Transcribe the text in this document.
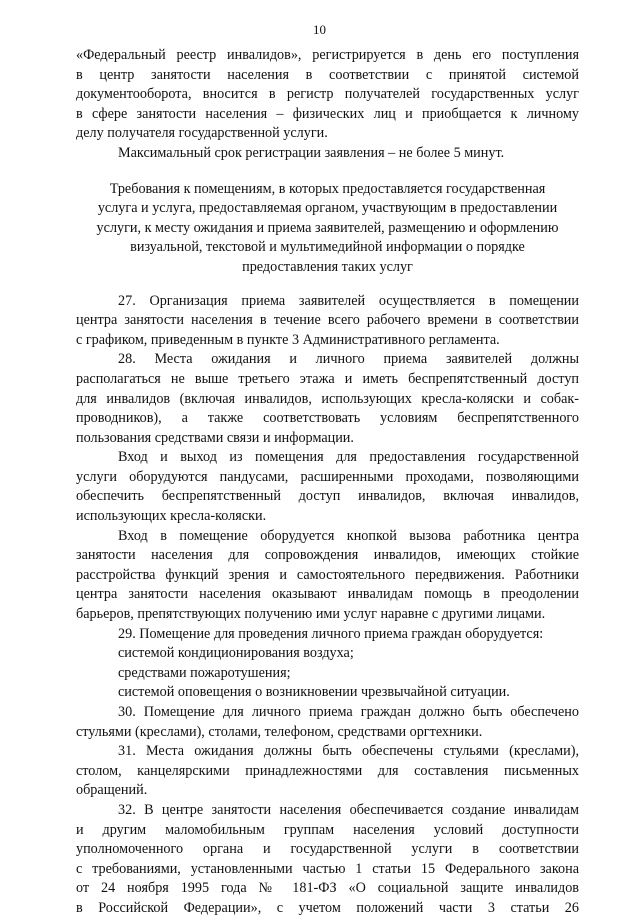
10
«Федеральный реестр инвалидов», регистрируется в день его поступления
в центр занятости населения в соответствии с принятой системой
документооборота, вносится в регистр получателей государственных услуг
в сфере занятости населения – физических лиц и приобщается к личному
делу получателя государственной услуги.
Максимальный срок регистрации заявления – не более 5 минут.
Требования к помещениям, в которых предоставляется государственная
услуга и услуга, предоставляемая органом, участвующим в предоставлении
услуги, к месту ожидания и приема заявителей, размещению и оформлению
визуальной, текстовой и мультимедийной информации о порядке
предоставления таких услуг
27. Организация приема заявителей осуществляется в помещении
центра занятости населения в течение всего рабочего времени в соответствии
с графиком, приведенным в пункте 3 Административного регламента.
28. Места ожидания и личного приема заявителей должны
располагаться не выше третьего этажа и иметь беспрепятственный доступ
для инвалидов (включая инвалидов, использующих кресла-коляски и собак-
проводников), а также соответствовать условиям беспрепятственного
пользования средствами связи и информации.
Вход и выход из помещения для предоставления государственной
услуги оборудуются пандусами, расширенными проходами, позволяющими
обеспечить беспрепятственный доступ инвалидов, включая инвалидов,
использующих кресла-коляски.
Вход в помещение оборудуется кнопкой вызова работника центра
занятости населения для сопровождения инвалидов, имеющих стойкие
расстройства функций зрения и самостоятельного передвижения. Работники
центра занятости населения оказывают инвалидам помощь в преодолении
барьеров, препятствующих получению ими услуг наравне с другими лицами.
29. Помещение для проведения личного приема граждан оборудуется:
системой кондиционирования воздуха;
средствами пожаротушения;
системой оповещения о возникновении чрезвычайной ситуации.
30. Помещение для личного приема граждан должно быть обеспечено
стульями (креслами), столами, телефоном, средствами оргтехники.
31. Места ожидания должны быть обеспечены стульями (креслами),
столом, канцелярскими принадлежностями для составления письменных
обращений.
32. В центре занятости населения обеспечивается создание инвалидам
и другим маломобильным группам населения условий доступности
уполномоченного органа и государственной услуги в соответствии
с требованиями, установленными частью 1 статьи 15 Федерального закона
от 24 ноября 1995 года № 181-ФЗ «О социальной защите инвалидов
в Российской Федерации», с учетом положений части 3 статьи 26
